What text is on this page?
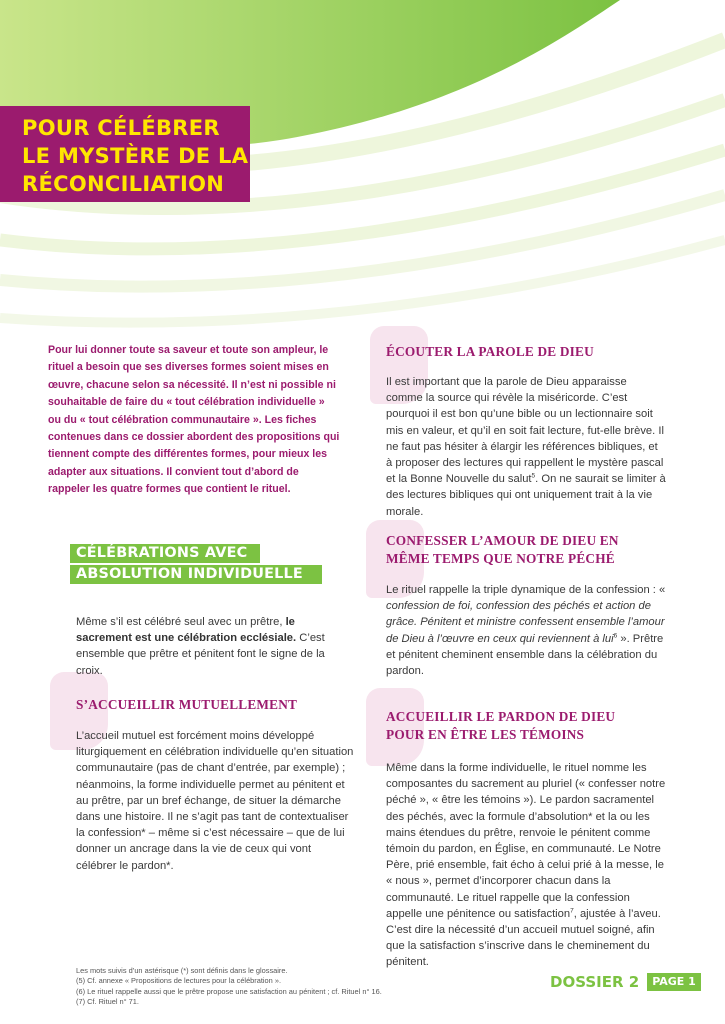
POUR CÉLÉBRER
LE MYSTÈRE DE LA
RÉCONCILIATION

Pour lui donner toute sa saveur et toute son ampleur, le rituel a besoin que ses diverses formes soient mises en œuvre, chacune selon sa nécessité. Il n’est ni possible ni souhaitable de faire du « tout célébration individuelle » ou du « tout célébration communautaire ». Les fiches contenues dans ce dossier abordent des propositions qui tiennent compte des différentes formes, pour mieux les adapter aux situations. Il convient tout d’abord de rappeler les quatre formes que contient le rituel.

CÉLÉBRATIONS AVEC
ABSOLUTION INDIVIDUELLE

Même s’il est célébré seul avec un prêtre, le sacrement est une célébration ecclésiale. C’est ensemble que prêtre et pénitent font le signe de la croix.

S’ACCUEILLIR MUTUELLEMENT

L’accueil mutuel est forcément moins développé liturgiquement en célébration individuelle qu’en situation communautaire (pas de chant d’entrée, par exemple) ; néanmoins, la forme individuelle permet au pénitent et au prêtre, par un bref échange, de situer la démarche dans une histoire. Il ne s’agit pas tant de contextualiser la confession* – même si c’est nécessaire – que de lui donner un ancrage dans la vie de ceux qui vont célébrer le pardon*.

ÉCOUTER LA PAROLE DE DIEU

Il est important que la parole de Dieu apparaisse comme la source qui révèle la miséricorde. C’est pourquoi il est bon qu’une bible ou un lectionnaire soit mis en valeur, et qu’il en soit fait lecture, fut-elle brève. Il ne faut pas hésiter à élargir les références bibliques, et à proposer des lectures qui rappellent le mystère pascal et la Bonne Nouvelle du salut$^5$. On ne saurait se limiter à des lectures bibliques qui ont uniquement trait à la vie morale.

CONFESSER L’AMOUR DE DIEU EN
MÊME TEMPS QUE NOTRE PÉCHÉ

Le rituel rappelle la triple dynamique de la confession : « confession de foi, confession des péchés et action de grâce. Pénitent et ministre confessent ensemble l’amour de Dieu à l’œuvre en ceux qui reviennent à lui$^6$ ». Prêtre et pénitent cheminent ensemble dans la célébration du pardon.

ACCUEILLIR LE PARDON DE DIEU
POUR EN ÊTRE LES TÉMOINS

Même dans la forme individuelle, le rituel nomme les composantes du sacrement au pluriel (« confesser notre péché », « être les témoins »). Le pardon sacramentel des péchés, avec la formule d’absolution* et la ou les mains étendues du prêtre, renvoie le pénitent comme témoin du pardon, en Église, en communauté. Le Notre Père, prié ensemble, fait écho à celui prié à la messe, le « nous », permet d’incorporer chacun dans la communauté. Le rituel rappelle que la confession appelle une pénitence ou satisfaction$^7$, ajustée à l’aveu. C’est dire la nécessité d’un accueil mutuel soigné, afin que la satisfaction s’inscrive dans le cheminement du pénitent.

Les mots suivis d’un astérisque (*) sont définis dans le glossaire.
(5) Cf. annexe « Propositions de lectures pour la célébration ».
(6) Le rituel rappelle aussi que le prêtre propose une satisfaction au pénitent ; cf. Rituel n° 16.
(7) Cf. Rituel n° 71.
DOSSIER 2	PAGE 1
